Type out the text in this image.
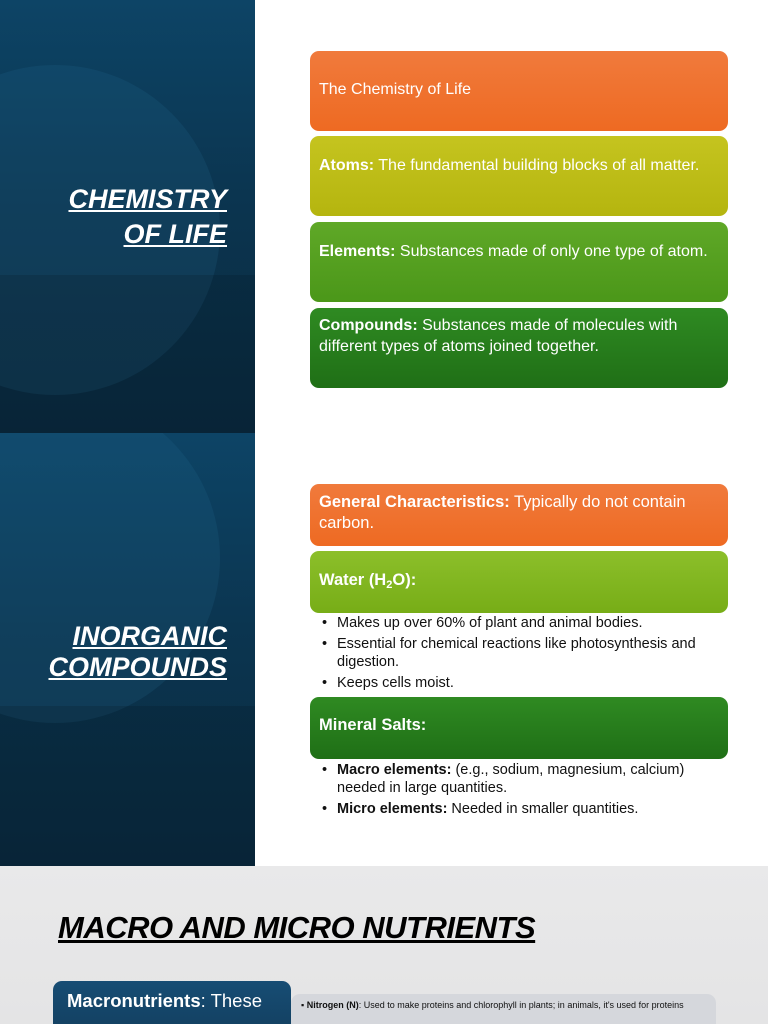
CHEMISTRY
OF LIFE
The Chemistry of Life
Atoms: The fundamental building blocks of all matter.
Elements: Substances made of only one type of atom.
Compounds: Substances made of molecules with different types of atoms joined together.
INORGANIC
COMPOUNDS
General Characteristics: Typically do not contain carbon.
Water $(H_2O)$:
• Makes up over 60% of plant and animal bodies.
• Essential for chemical reactions like photosynthesis and digestion.
• Keeps cells moist.
Mineral Salts:
• Macro elements: (e.g., sodium, magnesium, calcium) needed in large quantities.
• Micro elements: Needed in smaller quantities.
MACRO AND MICRO NUTRIENTS
▪ Nitrogen (N): Used to make proteins and chlorophyll in plants; in animals, it's used for proteins
Macronutrients: These
